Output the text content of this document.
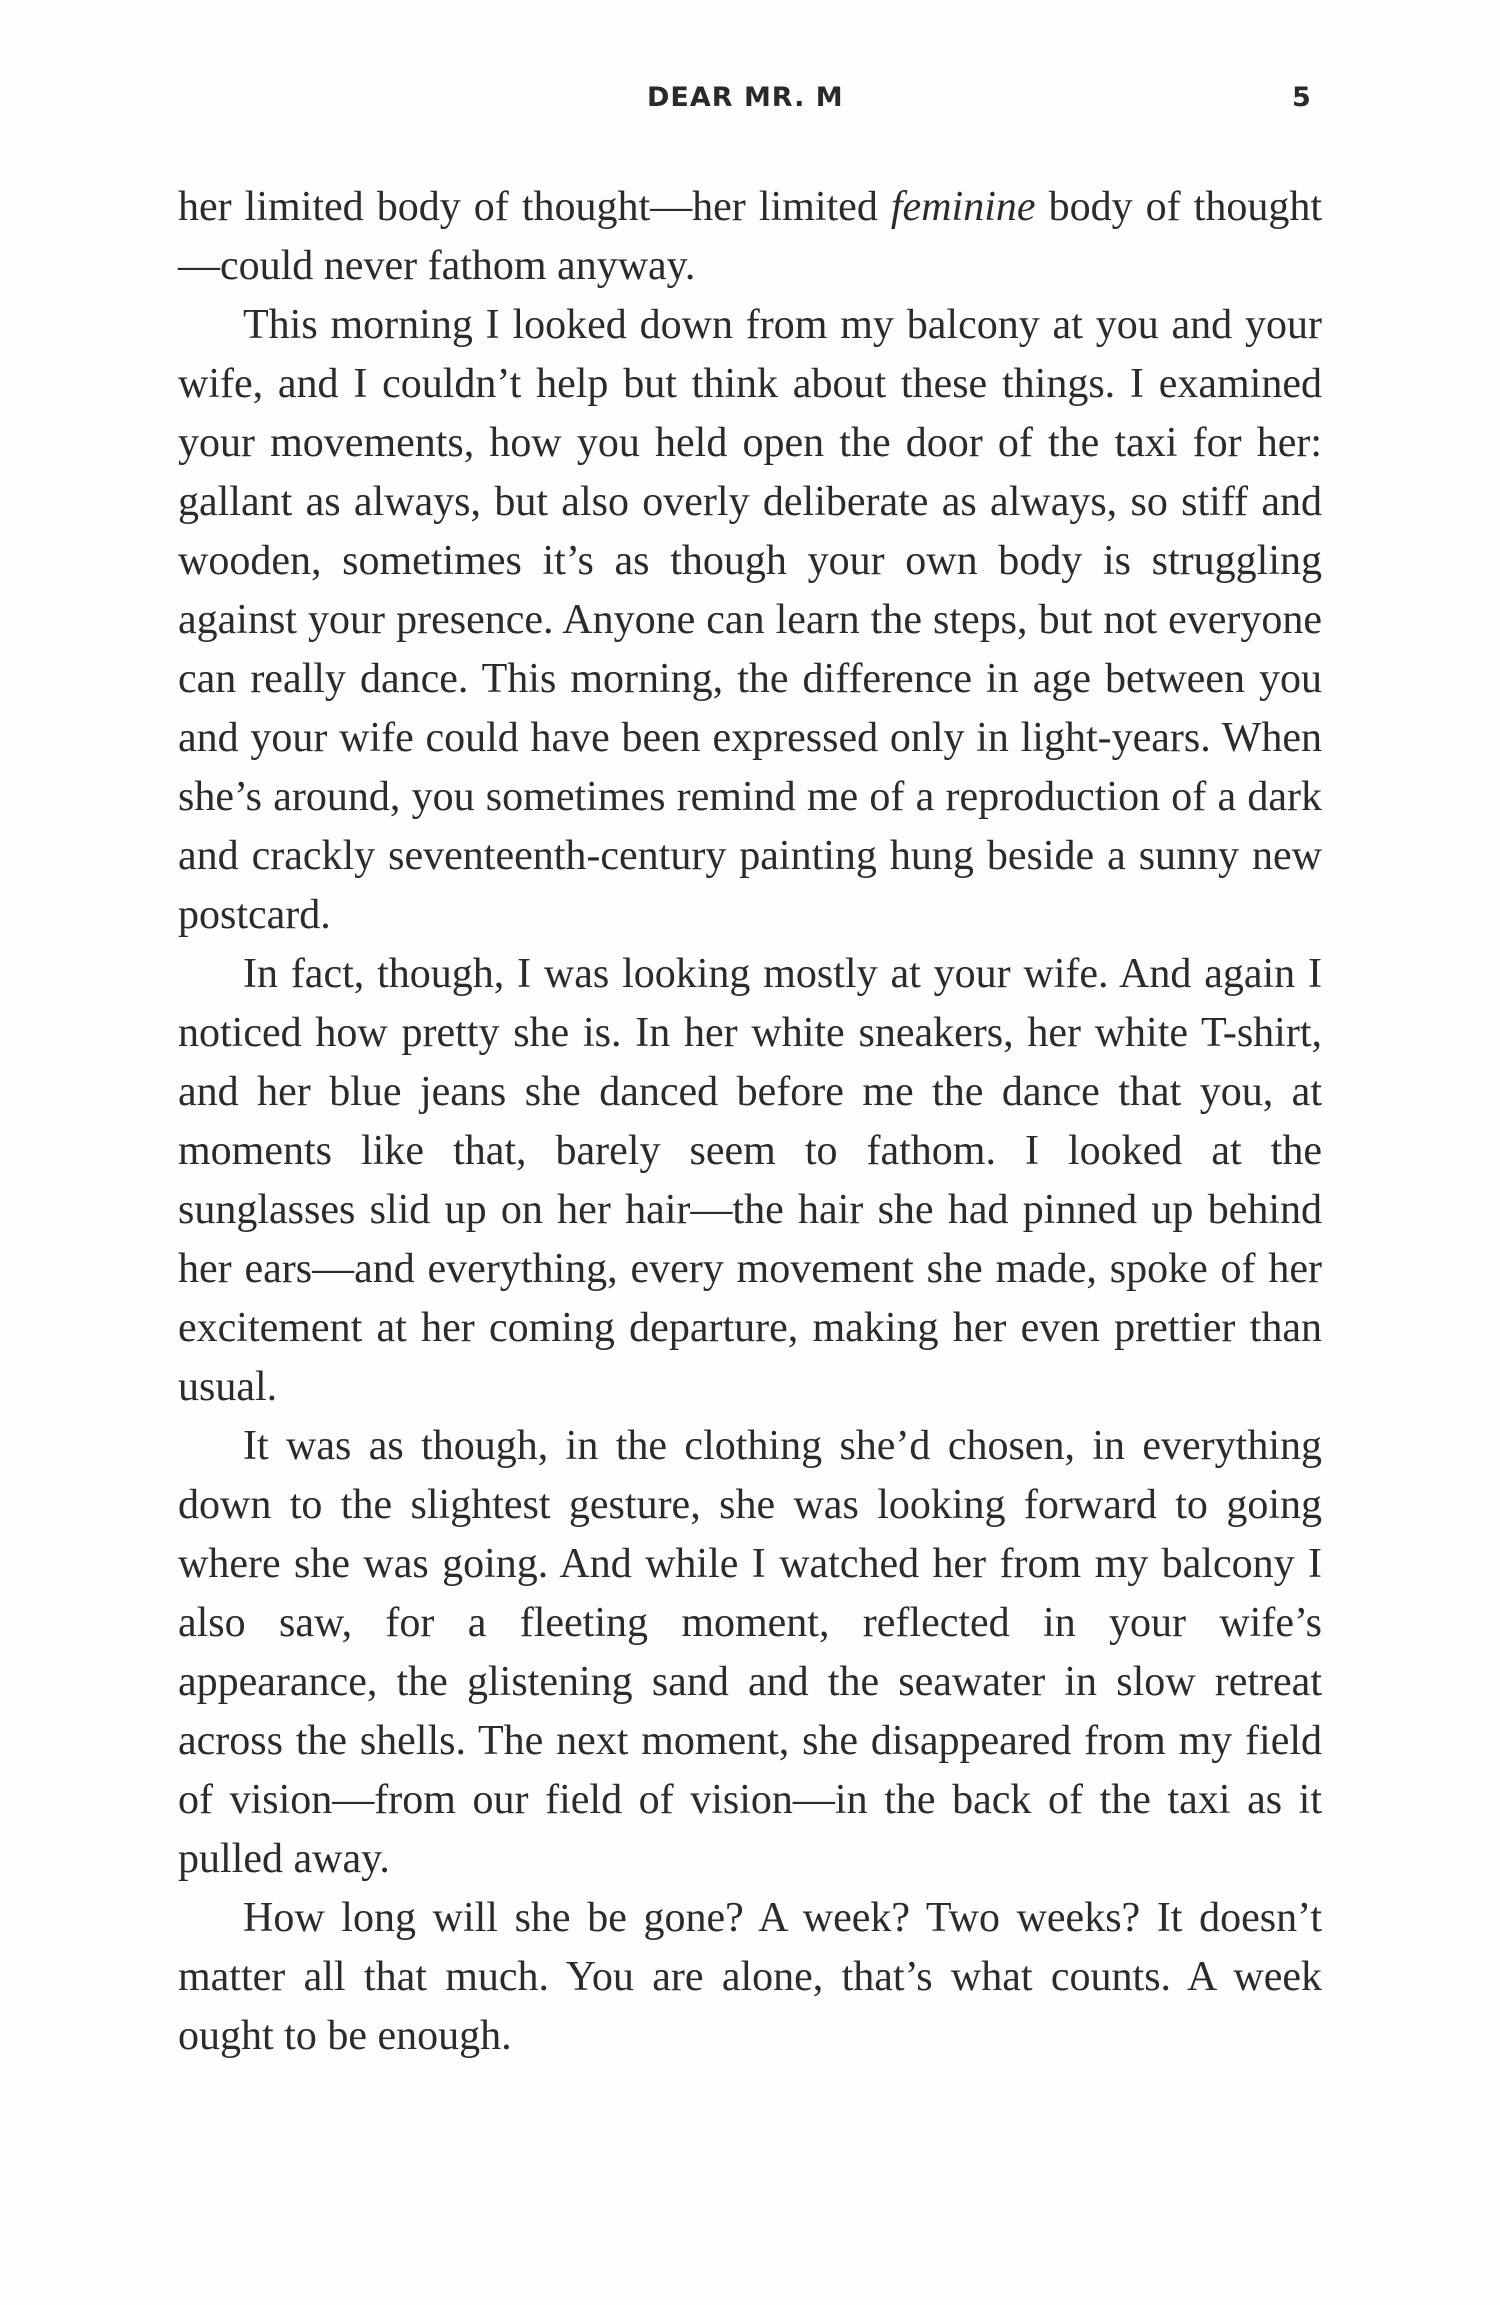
DEAR MR. M	5

her limited body of thought—her limited feminine body of thought—could never fathom anyway.

This morning I looked down from my balcony at you and your wife, and I couldn’t help but think about these things. I examined your movements, how you held open the door of the taxi for her: gallant as always, but also overly deliberate as always, so stiff and wooden, sometimes it’s as though your own body is struggling against your presence. Anyone can learn the steps, but not everyone can really dance. This morning, the difference in age between you and your wife could have been expressed only in light-years. When she’s around, you sometimes remind me of a reproduction of a dark and crackly seventeenth-century painting hung beside a sunny new postcard.

In fact, though, I was looking mostly at your wife. And again I noticed how pretty she is. In her white sneakers, her white T-shirt, and her blue jeans she danced before me the dance that you, at moments like that, barely seem to fathom. I looked at the sunglasses slid up on her hair—the hair she had pinned up behind her ears—and everything, every movement she made, spoke of her excitement at her coming departure, making her even prettier than usual.

It was as though, in the clothing she’d chosen, in everything down to the slightest gesture, she was looking forward to going where she was going. And while I watched her from my balcony I also saw, for a fleeting moment, reflected in your wife’s appearance, the glistening sand and the seawater in slow retreat across the shells. The next moment, she disappeared from my field of vision—from our field of vision—in the back of the taxi as it pulled away.

How long will she be gone? A week? Two weeks? It doesn’t matter all that much. You are alone, that’s what counts. A week ought to be enough.
